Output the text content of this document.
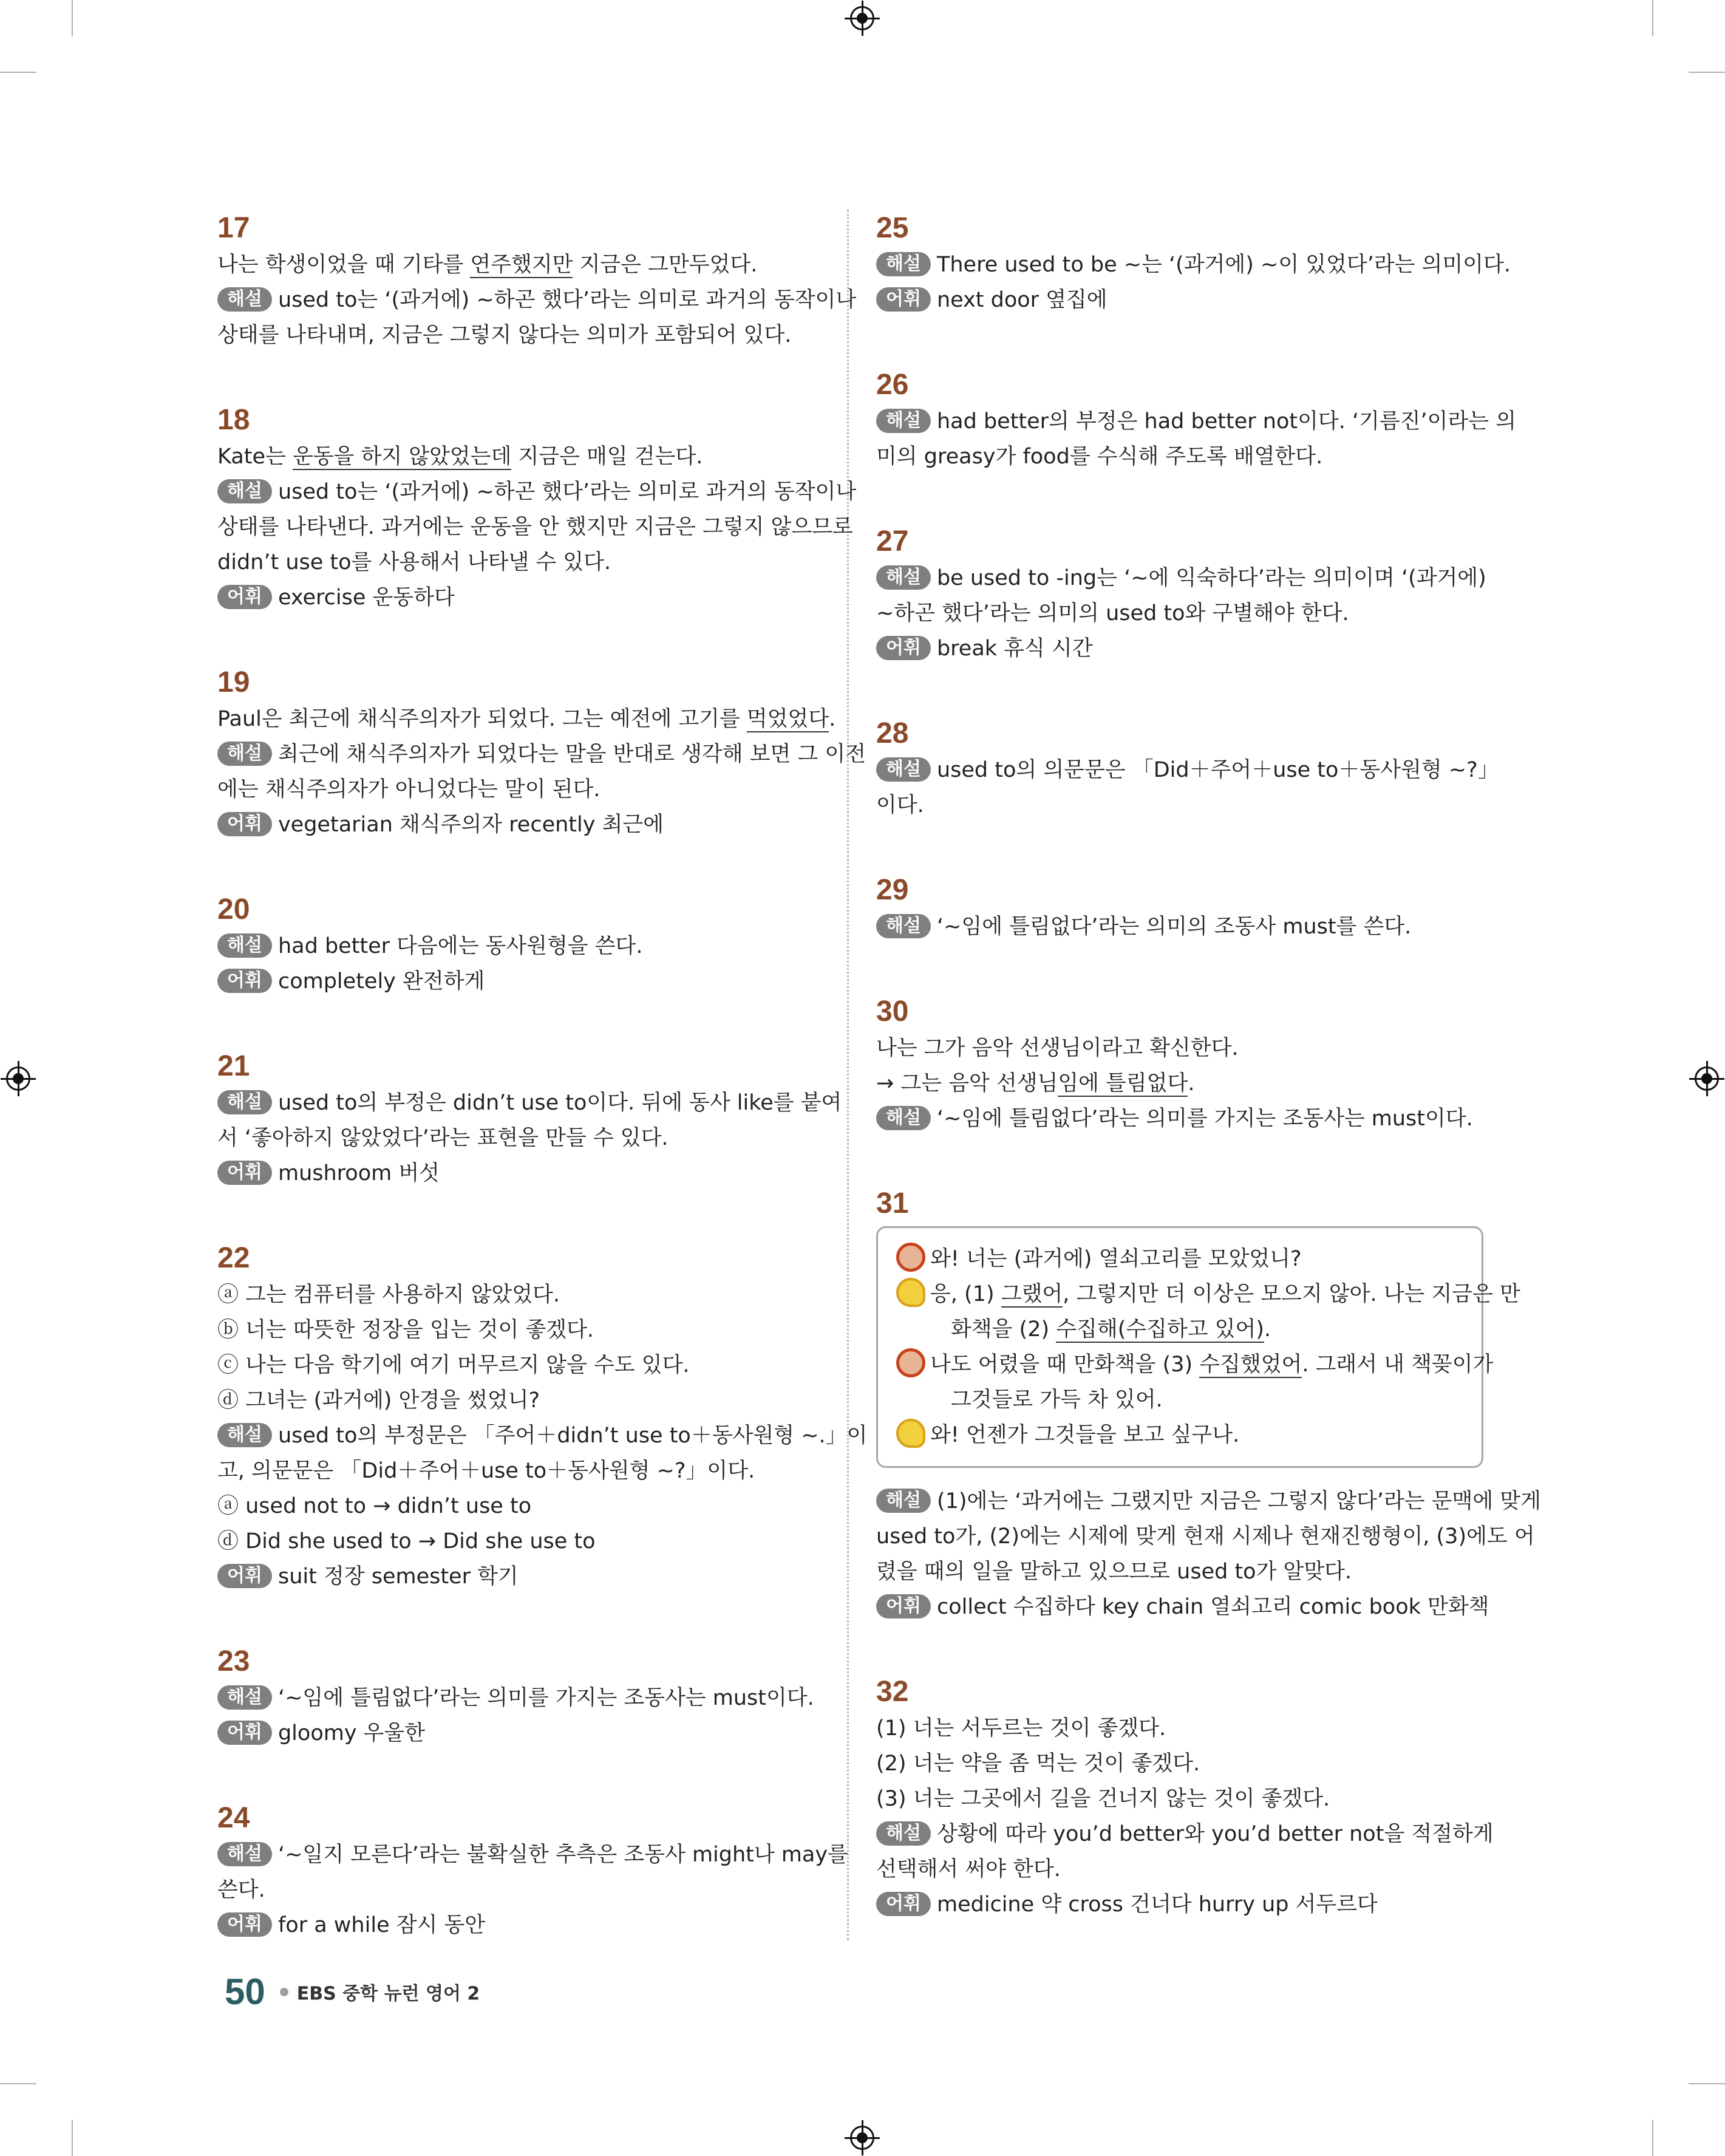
17

나는 학생이었을 때 기타를 연주했지만 지금은 그만두었다.
해설 used to는 ‘(과거에) ~하곤 했다’라는 의미로 과거의 동작이나
상태를 나타내며, 지금은 그렇지 않다는 의미가 포함되어 있다.

18

Kate는 운동을 하지 않았었는데 지금은 매일 걷는다.
해설 used to는 ‘(과거에) ~하곤 했다’라는 의미로 과거의 동작이나
상태를 나타낸다. 과거에는 운동을 안 했지만 지금은 그렇지 않으므로
didn’t use to를 사용해서 나타낼 수 있다.
어휘 exercise 운동하다

19

Paul은 최근에 채식주의자가 되었다. 그는 예전에 고기를 먹었었다.
해설 최근에 채식주의자가 되었다는 말을 반대로 생각해 보면 그 이전
에는 채식주의자가 아니었다는 말이 된다.
어휘 vegetarian 채식주의자 recently 최근에

20

해설 had better 다음에는 동사원형을 쓴다.
어휘 completely 완전하게

21

해설 used to의 부정은 didn’t use to이다. 뒤에 동사 like를 붙여
서 ‘좋아하지 않았었다’라는 표현을 만들 수 있다.
어휘 mushroom 버섯

22

ⓐ 그는 컴퓨터를 사용하지 않았었다.
ⓑ 너는 따뜻한 정장을 입는 것이 좋겠다.
ⓒ 나는 다음 학기에 여기 머무르지 않을 수도 있다.
ⓓ 그녀는 (과거에) 안경을 썼었니?
해설 used to의 부정문은 「주어＋didn’t use to＋동사원형 ~.」이
고, 의문문은 「Did＋주어＋use to＋동사원형 ~?」이다.
ⓐ used not to → didn’t use to
ⓓ Did she used to → Did she use to
어휘 suit 정장 semester 학기

23

해설 ‘~임에 틀림없다’라는 의미를 가지는 조동사는 must이다.
어휘 gloomy 우울한

24

해설 ‘~일지 모른다’라는 불확실한 추측은 조동사 might나 may를
쓴다.
어휘 for a while 잠시 동안

25

해설 There used to be ~는 ‘(과거에) ~이 있었다’라는 의미이다.
어휘 next door 옆집에

26

해설 had better의 부정은 had better not이다. ‘기름진’이라는 의
미의 greasy가 food를 수식해 주도록 배열한다.

27

해설 be used to -ing는 ‘~에 익숙하다’라는 의미이며 ‘(과거에)
~하곤 했다’라는 의미의 used to와 구별해야 한다.
어휘 break 휴식 시간

28

해설 used to의 의문문은 「Did＋주어＋use to＋동사원형 ~?」
이다.

29

해설 ‘~임에 틀림없다’라는 의미의 조동사 must를 쓴다.

30

나는 그가 음악 선생님이라고 확신한다.
→ 그는 음악 선생님임에 틀림없다.
해설 ‘~임에 틀림없다’라는 의미를 가지는 조동사는 must이다.

31

와! 너는 (과거에) 열쇠고리를 모았었니?
응, (1) 그랬어, 그렇지만 더 이상은 모으지 않아. 나는 지금은 만
화책을 (2) 수집해(수집하고 있어).
나도 어렸을 때 만화책을 (3) 수집했었어. 그래서 내 책꽂이가
그것들로 가득 차 있어.
와! 언젠가 그것들을 보고 싶구나.
해설 (1)에는 ‘과거에는 그랬지만 지금은 그렇지 않다’라는 문맥에 맞게
used to가, (2)에는 시제에 맞게 현재 시제나 현재진행형이, (3)에도 어
렸을 때의 일을 말하고 있으므로 used to가 알맞다.
어휘 collect 수집하다 key chain 열쇠고리 comic book 만화책

32

(1) 너는 서두르는 것이 좋겠다.
(2) 너는 약을 좀 먹는 것이 좋겠다.
(3) 너는 그곳에서 길을 건너지 않는 것이 좋겠다.
해설 상황에 따라 you’d better와 you’d better not을 적절하게
선택해서 써야 한다.
어휘 medicine 약 cross 건너다 hurry up 서두르다
50 EBS 중학 뉴런 영어 2
